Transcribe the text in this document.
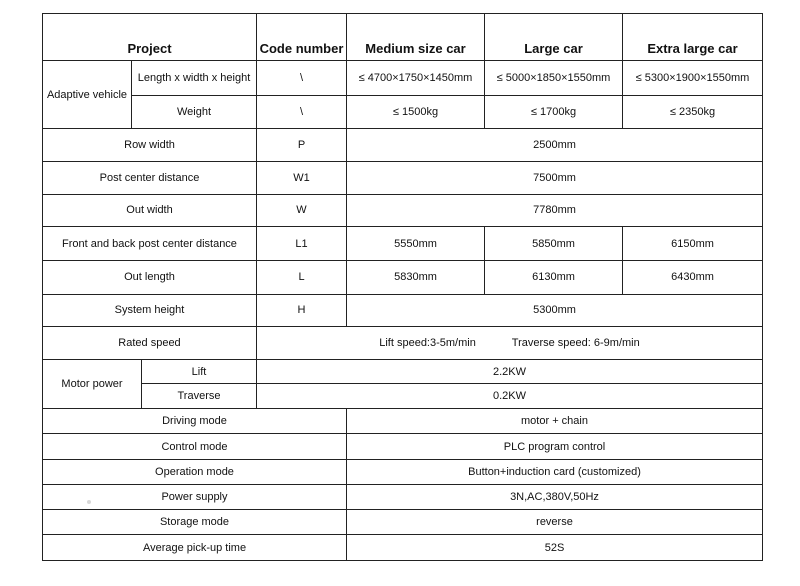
Project			Code number	Medium size car	Large car	Extra large car
Adaptive vehicle	Length x width x height		\	≤ 4700×1750×1450mm	≤ 5000×1850×1550mm	≤ 5300×1900×1550mm
	Weight		\	≤ 1500kg	≤ 1700kg	≤ 2350kg
Row width			P	2500mm		
Post center distance			W1	7500mm		
Out width			W	7780mm		
Front and back post center distance			L1	5550mm	5850mm	6150mm
Out length			L	5830mm	6130mm	6430mm
System height			H	5300mm		
Rated speed			Lift speed:3-5m/min Traverse speed: 6-9m/min			
Motor power		Lift	2.2KW			
		Traverse	0.2KW			
Driving mode				motor + chain		
Control mode				PLC program control		
Operation mode				Button+induction card (customized)		
Power supply				3N,AC,380V,50Hz		
Storage mode				reverse		
Average pick-up time				52S		
